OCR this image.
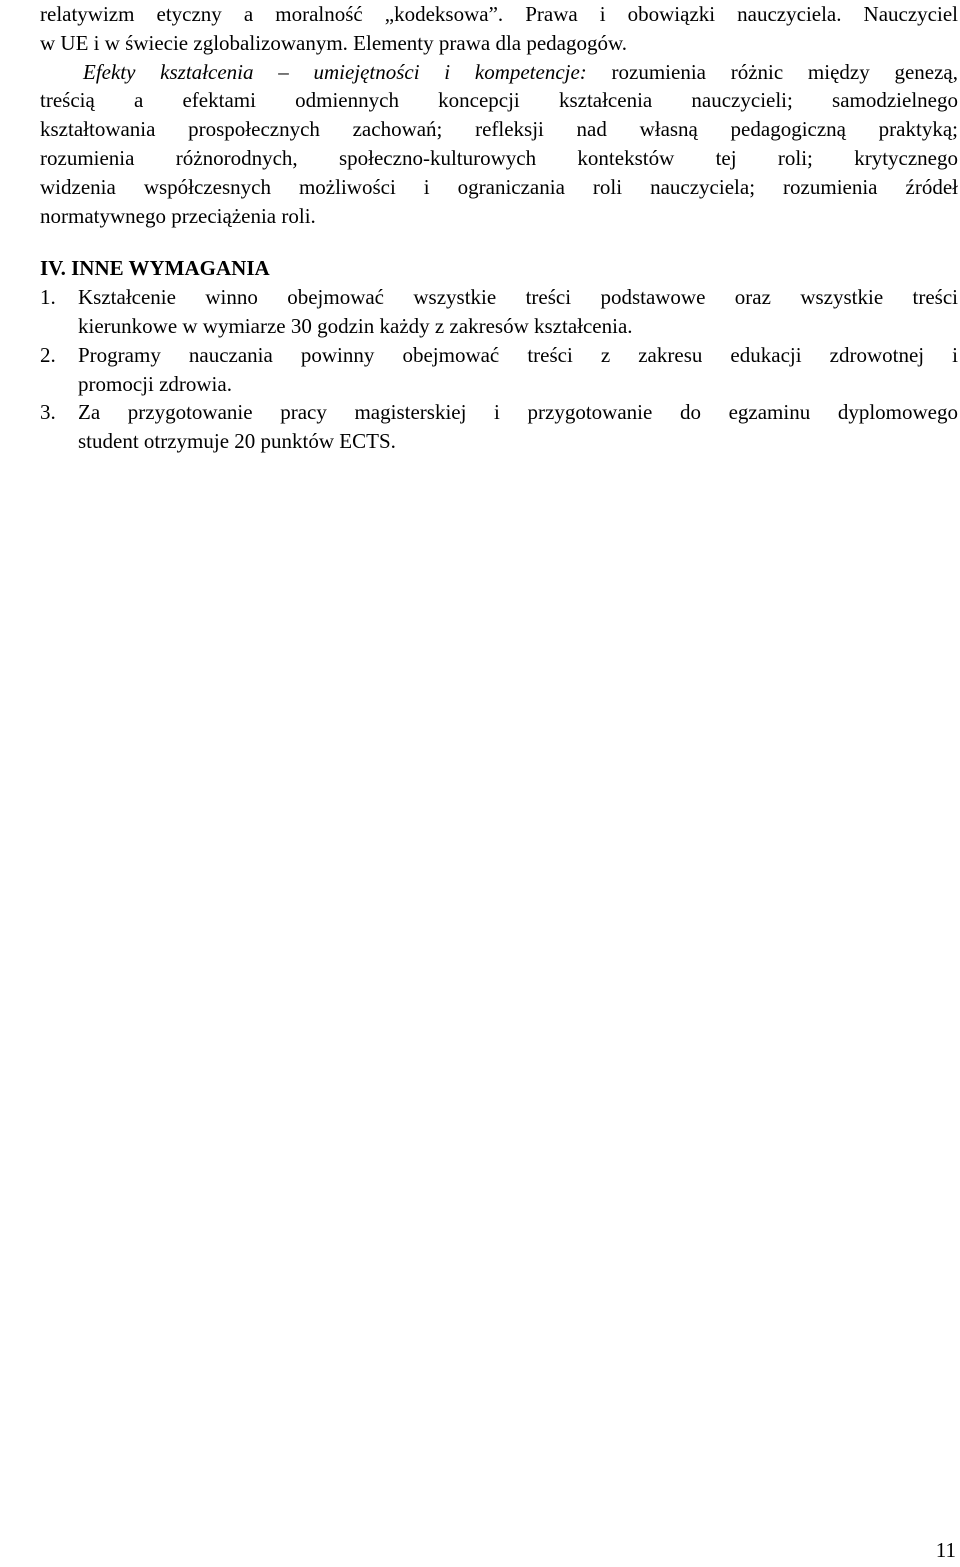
relatywizm etyczny a moralność „kodeksowa”. Prawa i obowiązki nauczyciela. Nauczyciel
w UE i w świecie zglobalizowanym. Elementy prawa dla pedagogów.

Efekty kształcenia – umiejętności i kompetencje: rozumienia różnic między genezą,
treścią a efektami odmiennych koncepcji kształcenia nauczycieli; samodzielnego
kształtowania prospołecznych zachowań; refleksji nad własną pedagogiczną praktyką;
rozumienia różnorodnych, społeczno-kulturowych kontekstów tej roli; krytycznego
widzenia współczesnych możliwości i ograniczania roli nauczyciela; rozumienia źródeł
normatywnego przeciążenia roli.

IV. INNE WYMAGANIA

1. Kształcenie winno obejmować wszystkie treści podstawowe oraz wszystkie treści
kierunkowe w wymiarze 30 godzin każdy z zakresów kształcenia.
2. Programy nauczania powinny obejmować treści z zakresu edukacji zdrowotnej i
promocji zdrowia.
3. Za przygotowanie pracy magisterskiej i przygotowanie do egzaminu dyplomowego
student otrzymuje 20 punktów ECTS.
11
